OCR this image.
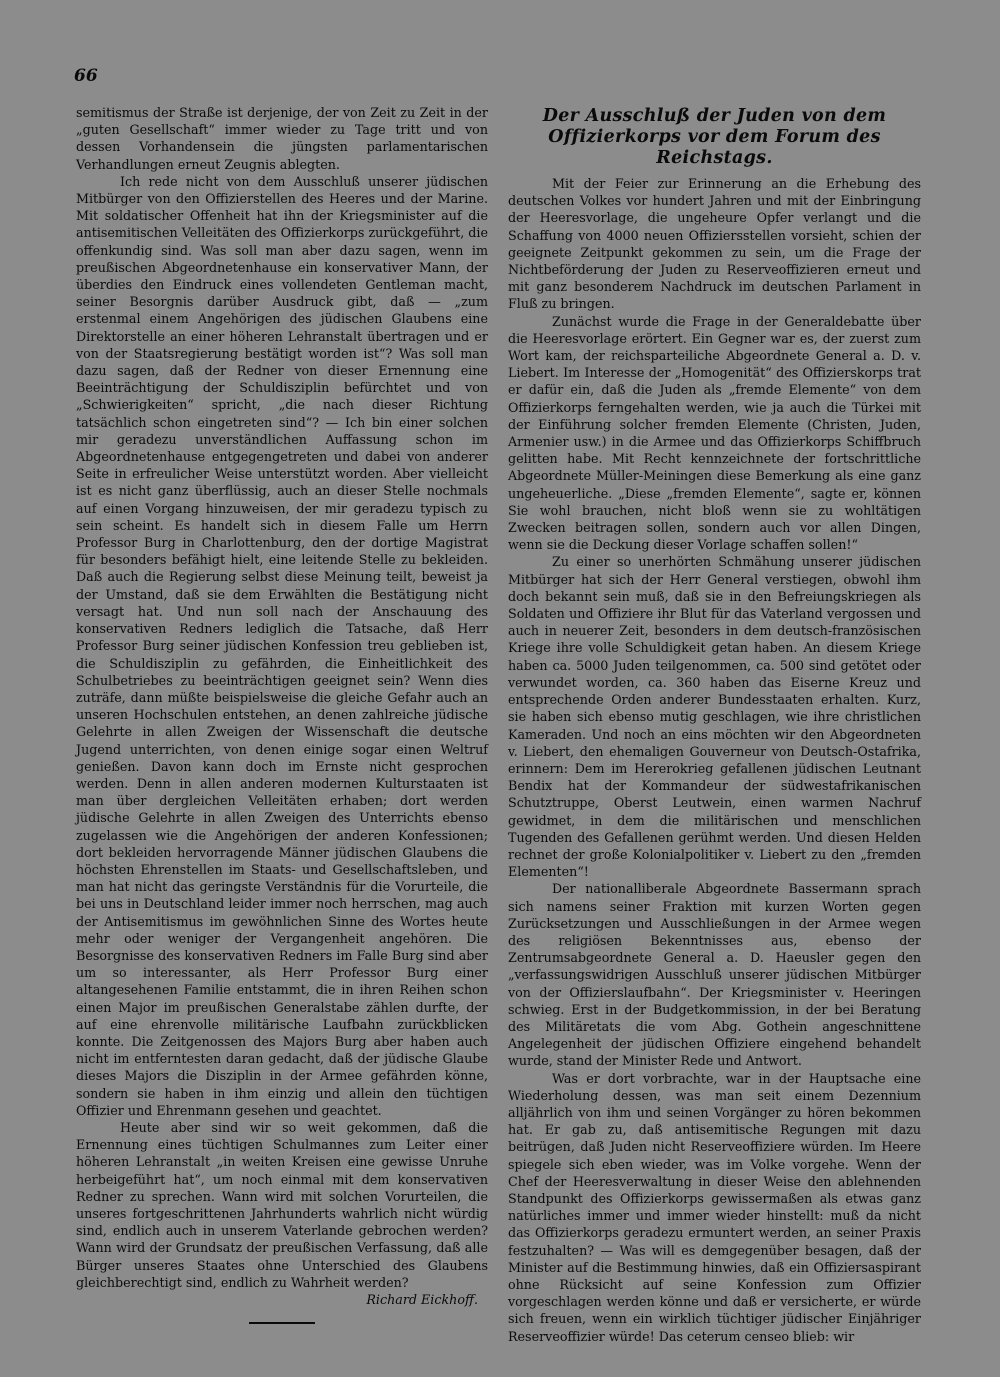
66

semitismus der Straße ist derjenige, der von Zeit zu Zeit in der „guten Gesellschaft“ immer wieder zu Tage tritt und von dessen Vorhandensein die jüngsten parlamentarischen Verhandlungen erneut Zeugnis ablegten.

Ich rede nicht von dem Ausschluß unserer jüdischen Mitbürger von den Offizierstellen des Heeres und der Marine. Mit soldatischer Offenheit hat ihn der Kriegsminister auf die antisemitischen Velleitäten des Offizierkorps zurückgeführt, die offenkundig sind. Was soll man aber dazu sagen, wenn im preußischen Abgeordnetenhause ein konservativer Mann, der überdies den Eindruck eines vollendeten Gentleman macht, seiner Besorgnis darüber Ausdruck gibt, daß — „zum erstenmal einem Angehörigen des jüdischen Glaubens eine Direktorstelle an einer höheren Lehranstalt übertragen und er von der Staatsregierung bestätigt worden ist“? Was soll man dazu sagen, daß der Redner von dieser Ernennung eine Beeinträchtigung der Schuldisziplin befürchtet und von „Schwierigkeiten“ spricht, „die nach dieser Richtung tatsächlich schon eingetreten sind“? — Ich bin einer solchen mir geradezu unverständlichen Auffassung schon im Abgeordnetenhause entgegengetreten und dabei von anderer Seite in erfreulicher Weise unterstützt worden. Aber vielleicht ist es nicht ganz überflüssig, auch an dieser Stelle nochmals auf einen Vorgang hinzuweisen, der mir geradezu typisch zu sein scheint. Es handelt sich in diesem Falle um Herrn Professor Burg in Charlottenburg, den der dortige Magistrat für besonders befähigt hielt, eine leitende Stelle zu bekleiden. Daß auch die Regierung selbst diese Meinung teilt, beweist ja der Umstand, daß sie dem Erwählten die Bestätigung nicht versagt hat. Und nun soll nach der Anschauung des konservativen Redners lediglich die Tatsache, daß Herr Professor Burg seiner jüdischen Konfession treu geblieben ist, die Schuldisziplin zu gefährden, die Einheitlichkeit des Schulbetriebes zu beeinträchtigen geeignet sein? Wenn dies zuträfe, dann müßte beispielsweise die gleiche Gefahr auch an unseren Hochschulen entstehen, an denen zahlreiche jüdische Gelehrte in allen Zweigen der Wissenschaft die deutsche Jugend unterrichten, von denen einige sogar einen Weltruf genießen. Davon kann doch im Ernste nicht gesprochen werden. Denn in allen anderen modernen Kulturstaaten ist man über dergleichen Velleitäten erhaben; dort werden jüdische Gelehrte in allen Zweigen des Unterrichts ebenso zugelassen wie die Angehörigen der anderen Konfessionen; dort bekleiden hervorragende Männer jüdischen Glaubens die höchsten Ehrenstellen im Staats- und Gesellschaftsleben, und man hat nicht das geringste Verständnis für die Vorurteile, die bei uns in Deutschland leider immer noch herrschen, mag auch der Antisemitismus im gewöhnlichen Sinne des Wortes heute mehr oder weniger der Vergangenheit angehören. Die Besorgnisse des konservativen Redners im Falle Burg sind aber um so interessanter, als Herr Professor Burg einer altangesehenen Familie entstammt, die in ihren Reihen schon einen Major im preußischen Generalstabe zählen durfte, der auf eine ehrenvolle militärische Laufbahn zurückblicken konnte. Die Zeitgenossen des Majors Burg aber haben auch nicht im entferntesten daran gedacht, daß der jüdische Glaube dieses Majors die Disziplin in der Armee gefährden könne, sondern sie haben in ihm einzig und allein den tüchtigen Offizier und Ehrenmann gesehen und geachtet.

Heute aber sind wir so weit gekommen, daß die Ernennung eines tüchtigen Schulmannes zum Leiter einer höheren Lehranstalt „in weiten Kreisen eine gewisse Unruhe herbeigeführt hat“, um noch einmal mit dem konservativen Redner zu sprechen. Wann wird mit solchen Vorurteilen, die unseres fortgeschrittenen Jahrhunderts wahrlich nicht würdig sind, endlich auch in unserem Vaterlande gebrochen werden? Wann wird der Grundsatz der preußischen Verfassung, daß alle Bürger unseres Staates ohne Unterschied des Glaubens gleichberechtigt sind, endlich zu Wahrheit werden?

Richard Eickhoff.

Der Ausschluß der Juden von dem Offizierkorps vor dem Forum des Reichstags.

Mit der Feier zur Erinnerung an die Erhebung des deutschen Volkes vor hundert Jahren und mit der Einbringung der Heeresvorlage, die ungeheure Opfer verlangt und die Schaffung von 4000 neuen Offiziersstellen vorsieht, schien der geeignete Zeitpunkt gekommen zu sein, um die Frage der Nichtbeförderung der Juden zu Reserveoffizieren erneut und mit ganz besonderem Nachdruck im deutschen Parlament in Fluß zu bringen.

Zunächst wurde die Frage in der Generaldebatte über die Heeresvorlage erörtert. Ein Gegner war es, der zuerst zum Wort kam, der reichsparteiliche Abgeordnete General a. D. v. Liebert. Im Interesse der „Homogenität“ des Offizierskorps trat er dafür ein, daß die Juden als „fremde Elemente“ von dem Offizierkorps ferngehalten werden, wie ja auch die Türkei mit der Einführung solcher fremden Elemente (Christen, Juden, Armenier usw.) in die Armee und das Offizierkorps Schiffbruch gelitten habe. Mit Recht kennzeichnete der fortschrittliche Abgeordnete Müller-Meiningen diese Bemerkung als eine ganz ungeheuerliche. „Diese „fremden Elemente“, sagte er, können Sie wohl brauchen, nicht bloß wenn sie zu wohltätigen Zwecken beitragen sollen, sondern auch vor allen Dingen, wenn sie die Deckung dieser Vorlage schaffen sollen!“

Zu einer so unerhörten Schmähung unserer jüdischen Mitbürger hat sich der Herr General verstiegen, obwohl ihm doch bekannt sein muß, daß sie in den Befreiungskriegen als Soldaten und Offiziere ihr Blut für das Vaterland vergossen und auch in neuerer Zeit, besonders in dem deutsch-französischen Kriege ihre volle Schuldigkeit getan haben. An diesem Kriege haben ca. 5000 Juden teilgenommen, ca. 500 sind getötet oder verwundet worden, ca. 360 haben das Eiserne Kreuz und entsprechende Orden anderer Bundesstaaten erhalten. Kurz, sie haben sich ebenso mutig geschlagen, wie ihre christlichen Kameraden. Und noch an eins möchten wir den Abgeordneten v. Liebert, den ehemaligen Gouverneur von Deutsch-Ostafrika, erinnern: Dem im Hererokrieg gefallenen jüdischen Leutnant Bendix hat der Kommandeur der südwestafrikanischen Schutztruppe, Oberst Leutwein, einen warmen Nachruf gewidmet, in dem die militärischen und menschlichen Tugenden des Gefallenen gerühmt werden. Und diesen Helden rechnet der große Kolonialpolitiker v. Liebert zu den „fremden Elementen“!

Der nationalliberale Abgeordnete Bassermann sprach sich namens seiner Fraktion mit kurzen Worten gegen Zurücksetzungen und Ausschließungen in der Armee wegen des religiösen Bekenntnisses aus, ebenso der Zentrumsabgeordnete General a. D. Haeusler gegen den „verfassungswidrigen Ausschluß unserer jüdischen Mitbürger von der Offizierslaufbahn“. Der Kriegsminister v. Heeringen schwieg. Erst in der Budgetkommission, in der bei Beratung des Militäretats die vom Abg. Gothein angeschnittene Angelegenheit der jüdischen Offiziere eingehend behandelt wurde, stand der Minister Rede und Antwort.

Was er dort vorbrachte, war in der Hauptsache eine Wiederholung dessen, was man seit einem Dezennium alljährlich von ihm und seinen Vorgänger zu hören bekommen hat. Er gab zu, daß antisemitische Regungen mit dazu beitrügen, daß Juden nicht Reserveoffiziere würden. Im Heere spiegele sich eben wieder, was im Volke vorgehe. Wenn der Chef der Heeresverwaltung in dieser Weise den ablehnenden Standpunkt des Offizierkorps gewissermaßen als etwas ganz natürliches immer und immer wieder hinstellt: muß da nicht das Offizierkorps geradezu ermuntert werden, an seiner Praxis festzuhalten? — Was will es demgegenüber besagen, daß der Minister auf die Bestimmung hinwies, daß ein Offiziersaspirant ohne Rücksicht auf seine Konfession zum Offizier vorgeschlagen werden könne und daß er versicherte, er würde sich freuen, wenn ein wirklich tüchtiger jüdischer Einjähriger Reserveoffizier würde! Das ceterum censeo blieb: wir
